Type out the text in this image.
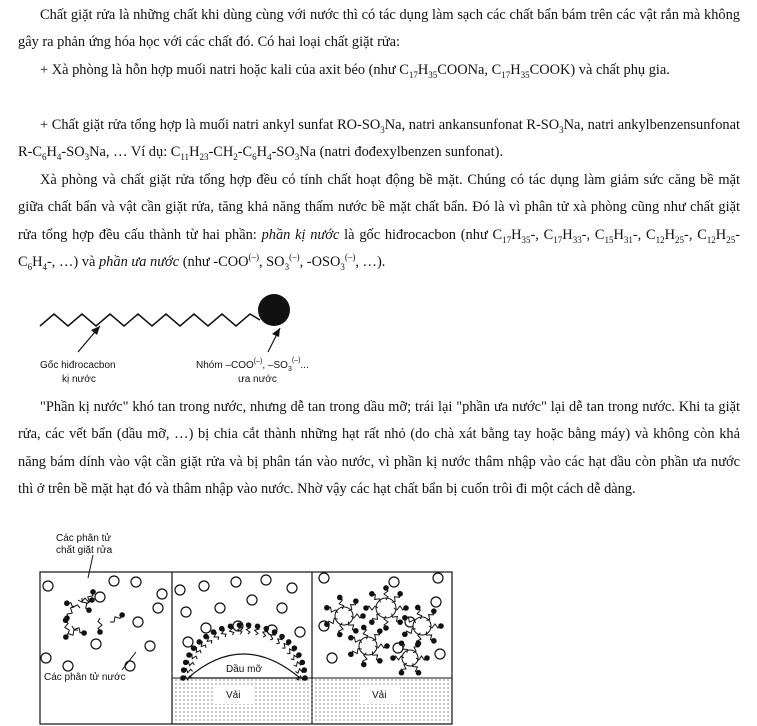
Chất giặt rửa là những chất khi dùng cùng với nước thì có tác dụng làm sạch các chất bẩn bám trên các vật rắn mà không gây ra phản ứng hóa học với các chất đó. Có hai loại chất giặt rửa:

+ Xà phòng là hỗn hợp muối natri hoặc kali của axit béo (như $C_{17}H_{35}COONa$, $C_{17}H_{35}COOK$) và chất phụ gia.

+ Chất giặt rửa tổng hợp là muối natri ankyl sunfat $RO-SO_3Na$, natri ankansunfonat $R-SO_3Na$, natri ankylbenzensunfonat $R-C_6H_4-SO_3Na$, … Ví dụ: $C_{11}H_{23}-CH_2-C_6H_4-SO_3Na$ (natri đođexylbenzen sunfonat).

Xà phòng và chất giặt rửa tổng hợp đều có tính chất hoạt động bề mặt. Chúng có tác dụng làm giảm sức căng bề mặt giữa chất bẩn và vật cần giặt rửa, tăng khả năng thấm nước bề mặt chất bẩn. Đó là vì phân tử xà phòng cũng như chất giặt rửa tổng hợp đều cấu thành từ hai phần: phần kị nước là gốc hiđrocacbon (như $C_{17}H_{35}-$, $C_{17}H_{33}-$, $C_{15}H_{31}-$, $C_{12}H_{25}-$, $C_{12}H_{25}-C_6H_4-$, …) và phần ưa nước (như -COO(–), $SO_3^{(-)}$, $-OSO_3^{(-)}$, …).

Gốc hiđrocacbon
kị nước
Nhóm –COO(–), $-SO_3^{(-)}$...
ưa nước

"Phần kị nước" khó tan trong nước, nhưng dễ tan trong dầu mỡ; trái lại "phần ưa nước" lại dễ tan trong nước. Khi ta giặt rửa, các vết bẩn (dầu mỡ, …) bị chia cắt thành những hạt rất nhỏ (do chà xát bằng tay hoặc bằng máy) và không còn khả năng bám dính vào vật cần giặt rửa và bị phân tán vào nước, vì phần kị nước thâm nhập vào các hạt dầu còn phần ưa nước thì ở trên bề mặt hạt đó và thâm nhập vào nước. Nhờ vậy các hạt chất bẩn bị cuốn trôi đi một cách dễ dàng.

Các phân tử
chất giặt rửa
Vải	Vải
Dầu mỡ
Các phân tử nước
